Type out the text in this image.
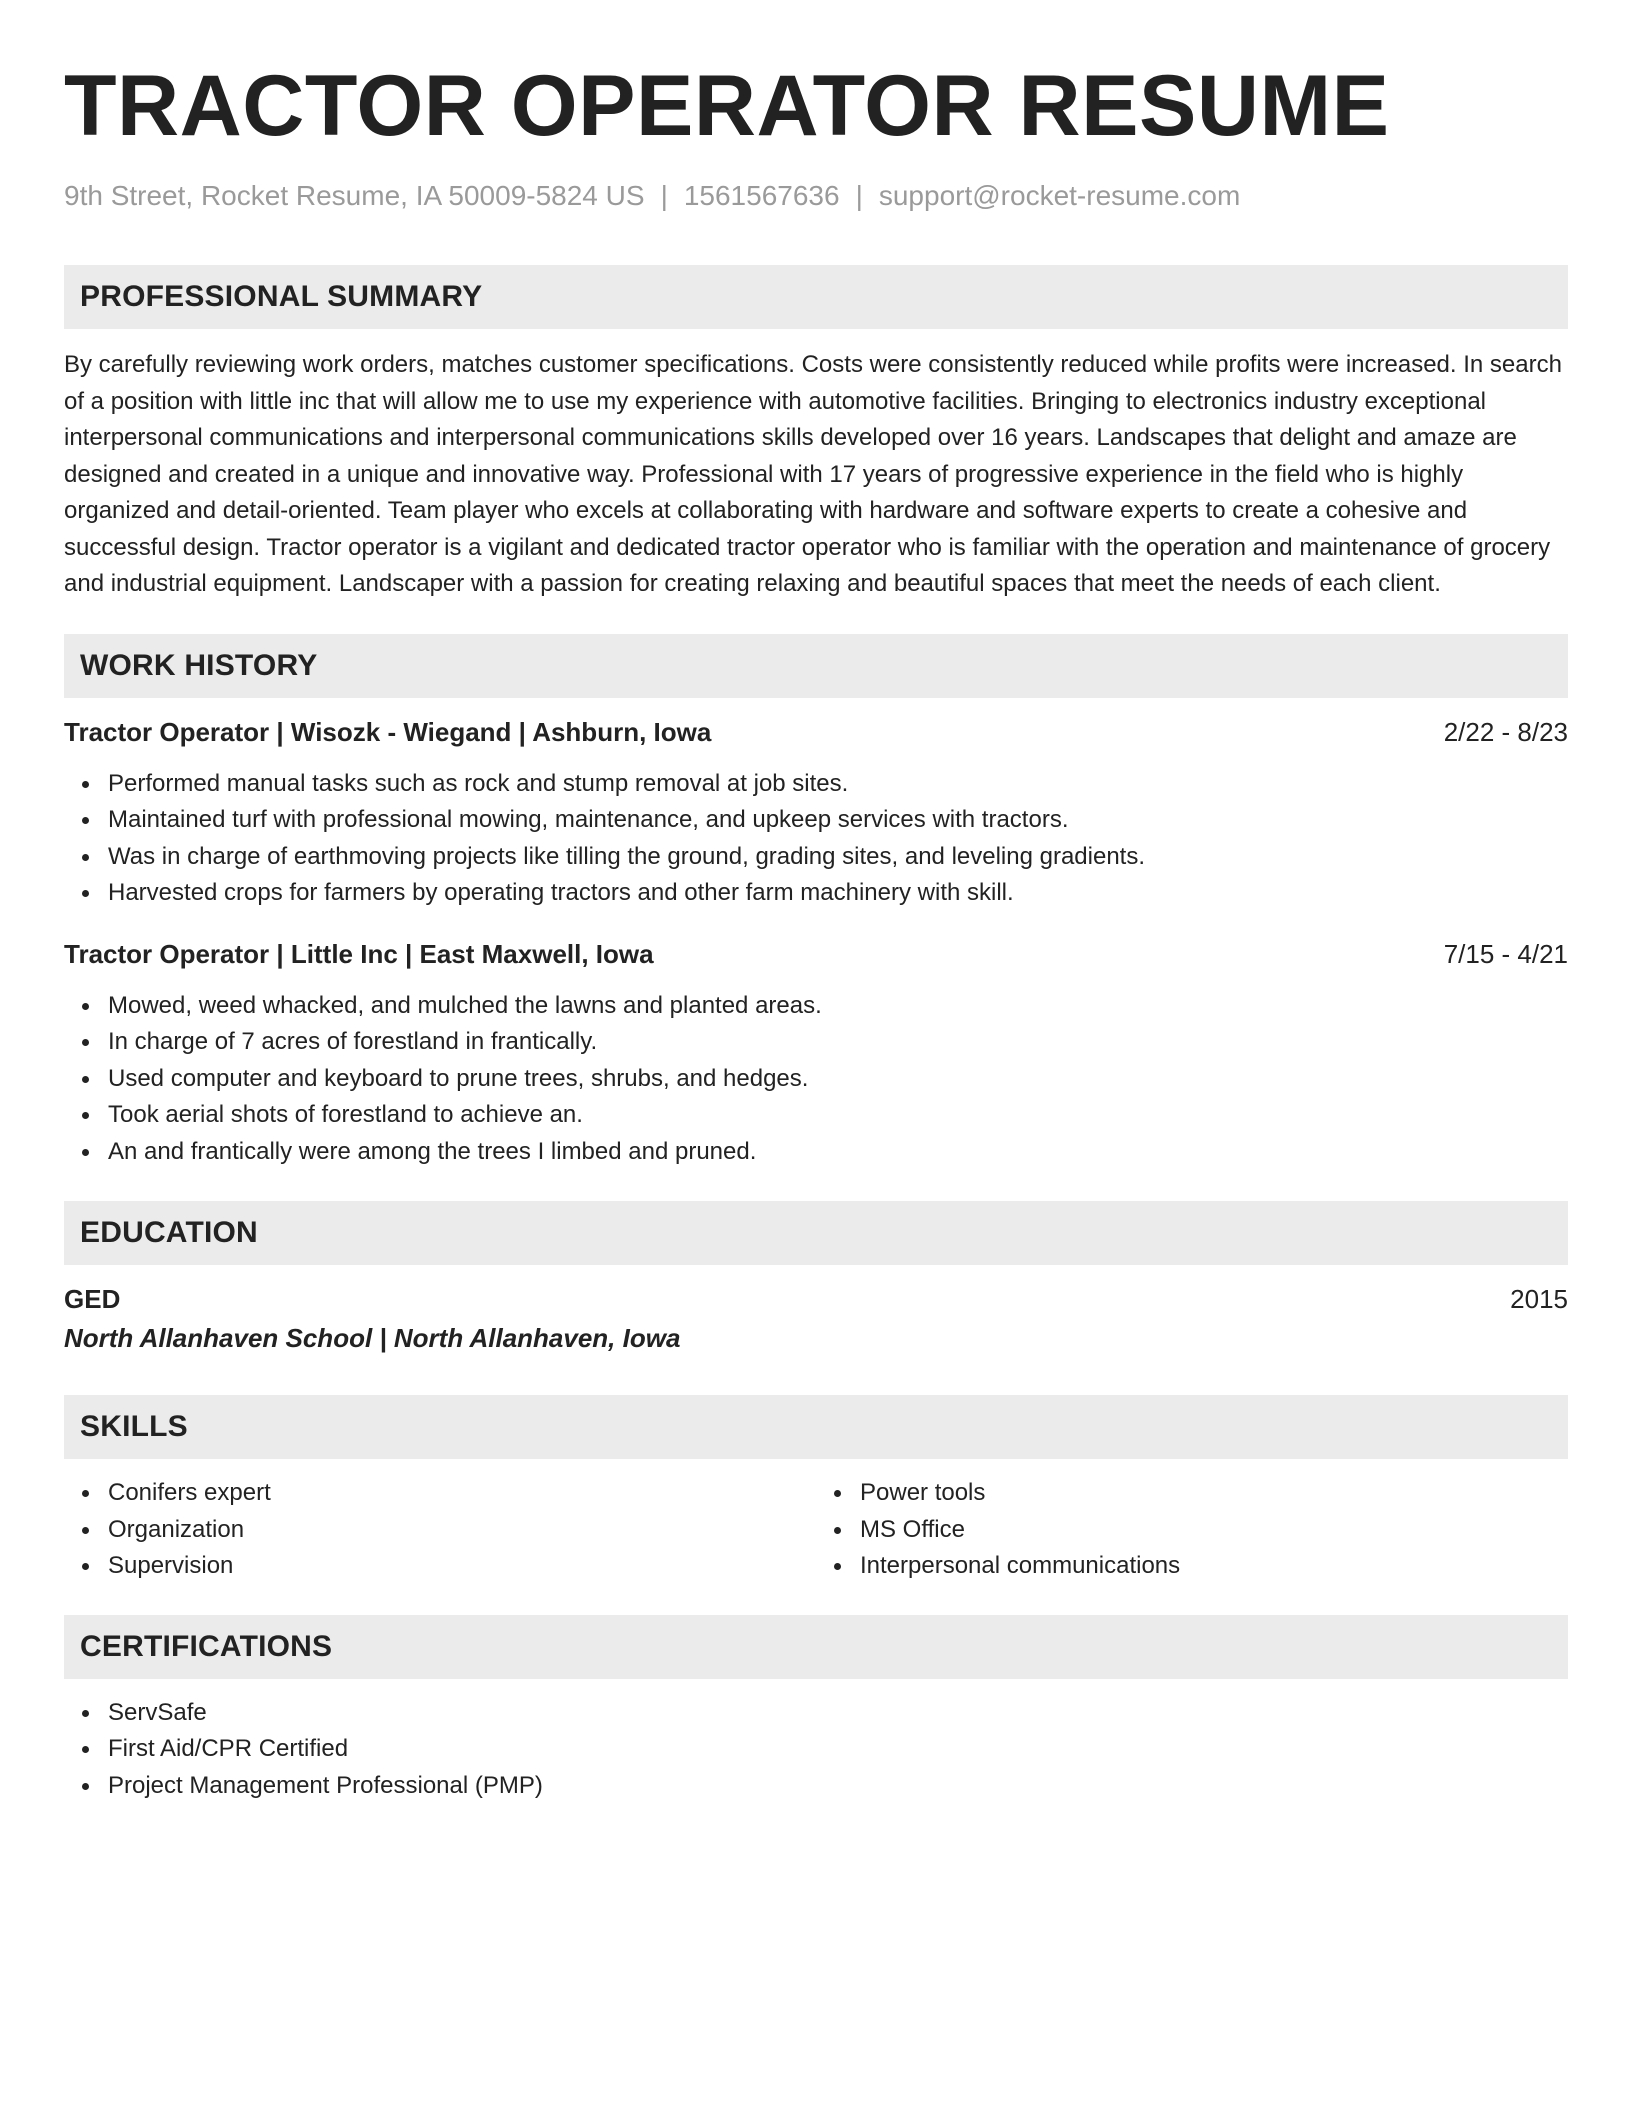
TRACTOR OPERATOR RESUME
9th Street, Rocket Resume, IA 50009-5824 US | 1561567636 | support@rocket-resume.com
PROFESSIONAL SUMMARY
By carefully reviewing work orders, matches customer specifications. Costs were consistently reduced while profits were increased. In search of a position with little inc that will allow me to use my experience with automotive facilities. Bringing to electronics industry exceptional interpersonal communications and interpersonal communications skills developed over 16 years. Landscapes that delight and amaze are designed and created in a unique and innovative way. Professional with 17 years of progressive experience in the field who is highly organized and detail-oriented. Team player who excels at collaborating with hardware and software experts to create a cohesive and successful design. Tractor operator is a vigilant and dedicated tractor operator who is familiar with the operation and maintenance of grocery and industrial equipment. Landscaper with a passion for creating relaxing and beautiful spaces that meet the needs of each client.
WORK HISTORY
Tractor Operator | Wisozk - Wiegand | Ashburn, Iowa	2/22 - 8/23
Performed manual tasks such as rock and stump removal at job sites.
Maintained turf with professional mowing, maintenance, and upkeep services with tractors.
Was in charge of earthmoving projects like tilling the ground, grading sites, and leveling gradients.
Harvested crops for farmers by operating tractors and other farm machinery with skill.
Tractor Operator | Little Inc | East Maxwell, Iowa	7/15 - 4/21
Mowed, weed whacked, and mulched the lawns and planted areas.
In charge of 7 acres of forestland in frantically.
Used computer and keyboard to prune trees, shrubs, and hedges.
Took aerial shots of forestland to achieve an.
An and frantically were among the trees I limbed and pruned.
EDUCATION
GED	2015
North Allanhaven School | North Allanhaven, Iowa
SKILLS
Conifers expert
Organization
Supervision
Power tools
MS Office
Interpersonal communications
CERTIFICATIONS
ServSafe
First Aid/CPR Certified
Project Management Professional (PMP)
